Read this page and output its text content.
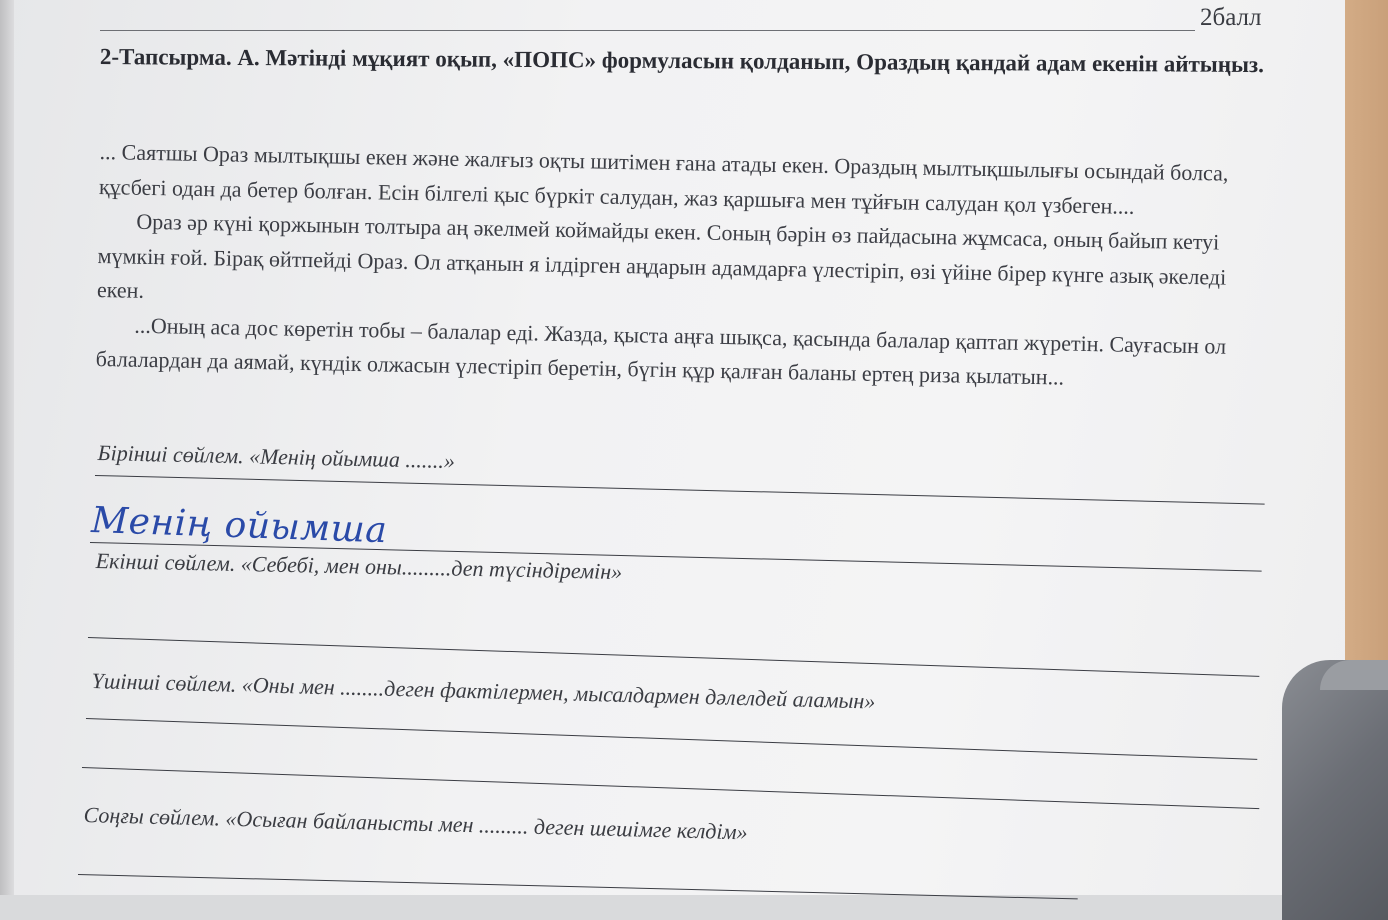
2балл
2-Тапсырма. А. Мәтінді мұқият оқып, «ПОПС» формуласын қолданып, Ораздың қандай адам екенін айтыңыз.

... Саятшы Ораз мылтықшы екен және жалғыз оқты шитімен ғана атады екен. Ораздың мылтықшылығы осындай болса, құсбегі одан да бетер болған. Есін білгелі қыс бүркіт салудан, жаз қаршыға мен тұйғын салудан қол үзбеген....

Ораз әр күні қоржынын толтыра аң әкелмей коймайды екен. Соның бәрін өз пайдасына жұмсаса, оның байып кетуі мүмкін ғой. Бірақ өйтпейді Ораз. Ол атқанын я ілдірген аңдарын адамдарға үлестіріп, өзі үйіне бірер күнге азық әкеледі екен.

...Оның аса дос көретін тобы – балалар еді. Жазда, қыста аңға шықса, қасында балалар қаптап жүретін. Сауғасын ол балалардан да аямай, күндік олжасын үлестіріп беретін, бүгін құр қалған баланы ертең риза қылатын...

Бірінші сөйлем. «Менің ойымша .......»
Менің ойымша
Екінші сөйлем. «Себебі, мен оны.........деп түсіндіремін»
Үшінші сөйлем. «Оны мен ........деген фактілермен, мысалдармен дәлелдей аламын»
Соңғы сөйлем. «Осыған байланысты мен ......... деген шешімге келдім»
